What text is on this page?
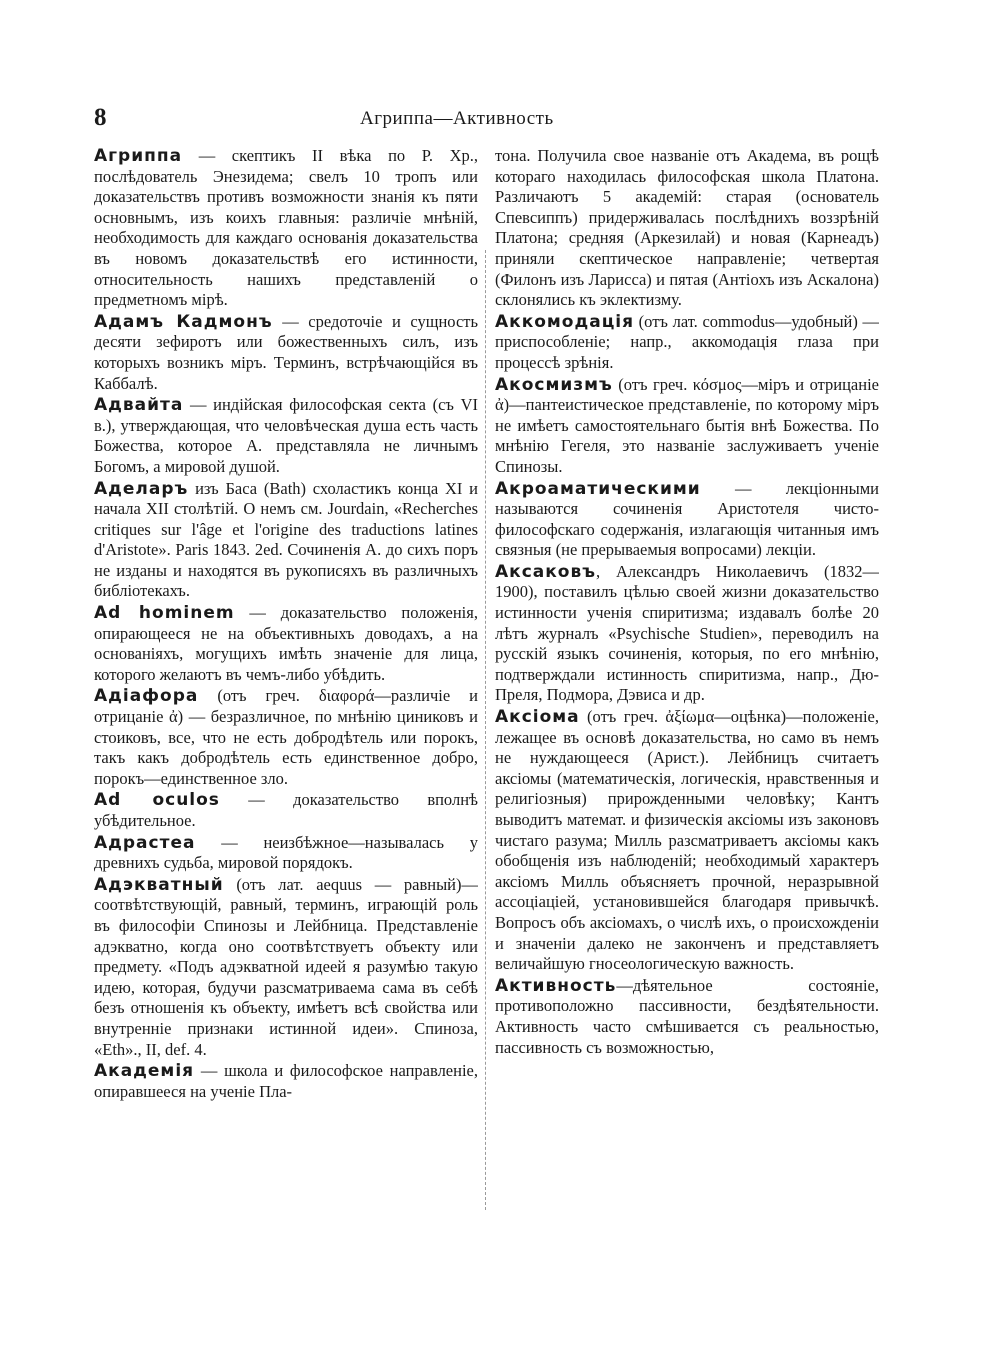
8	Агриппа—Активность

Агриппа — скептикъ II вѣка по Р. Хр., послѣдователь Энезидема; свелъ 10 тропъ или доказательствъ противъ возможности знанія къ пяти основнымъ, изъ коихъ главныя: различіе мнѣній, необходимость для каждаго основанія доказательства въ новомъ доказательствѣ его истинности, относительность нашихъ представленій о предметномъ мірѣ.

Адамъ Кадмонъ — средоточіе и сущность десяти зефиротъ или божественныхъ силъ, изъ которыхъ возникъ міръ. Терминъ, встрѣчающійся въ Каббалѣ.

Адвайта — индійская философская секта (съ VI в.), утверждающая, что человѣческая душа есть часть Божества, которое А. представляла не личнымъ Богомъ, а мировой душой.

Аделаръ изъ Баса (Bath) схоластикъ конца XI и начала XII столѣтій. О немъ см. Jourdain, «Recherches critiques sur l'âge et l'origine des traductions latines d'Aristote». Paris 1843. 2ed. Сочиненія А. до сихъ поръ не изданы и находятся въ рукописяхъ въ различныхъ библіотекахъ.

Ad hominem — доказательство положенія, опирающееся не на объективныхъ доводахъ, а на основаніяхъ, могущихъ имѣть значеніе для лица, которого желаютъ въ чемъ-либо убѣдить.

Адіафора (отъ греч. διαφορά—различіе и отрицаніе ἀ) — безразличное, по мнѣнію циниковъ и стоиковъ, все, что не есть добродѣтель или порокъ, такъ какъ добродѣтель есть единственное добро, порокъ—единственное зло.

Ad oculos — доказательство вполнѣ убѣдительное.

Адрастеа — неизбѣжное—называлась у древнихъ судьба, мировой порядокъ.

Адэкватный (отъ лат. aequus — равный)—соотвѣтствующій, равный, терминъ, играющій роль въ философіи Спинозы и Лейбница. Представленіе адэкватно, когда оно соотвѣтствуетъ объекту или предмету. «Подъ адэкватной идеей я разумѣю такую идею, которая, будучи разсматриваема сама въ себѣ безъ отношенія къ объекту, имѣетъ всѣ свойства или внутренніе признаки истинной идеи». Спиноза, «Eth»., II, def. 4.

Академія — школа и философское направленіе, опиравшееся на ученіе Пла-

тона. Получила свое названіе отъ Академа, въ рощѣ котораго находилась философская школа Платона. Различаютъ 5 академій: старая (основатель Спевсиппъ) придерживалась послѣднихъ воззрѣній Платона; средняя (Аркезилай) и новая (Карнеадъ) приняли скептическое направленіе; четвертая (Филонъ изъ Ларисса) и пятая (Антіохъ изъ Аскалона) склонялись къ эклектизму.

Аккомодація (отъ лат. commodus—удобный) — приспособленіе; напр., аккомодація глаза при процессѣ зрѣнія.

Акосмизмъ (отъ греч. κόσμος—міръ и отрицаніе ἀ)—пантеистическое представленіе, по которому міръ не имѣетъ самостоятельнаго бытія внѣ Божества. По мнѣнію Гегеля, это названіе заслуживаетъ ученіе Спинозы.

Акроаматическими — лекціонными называются сочиненія Аристотеля чисто-философскаго содержанія, излагающія читанныя имъ связныя (не прерываемыя вопросами) лекціи.

Аксаковъ, Александръ Николаевичъ (1832—1900), поставилъ цѣлью своей жизни доказательство истинности ученія спиритизма; издавалъ болѣе 20 лѣтъ журналъ «Psychische Studien», переводилъ на русскій языкъ сочиненія, которыя, по его мнѣнію, подтверждали истинность спиритизма, напр., Дю-Преля, Подмора, Дэвиса и др.

Аксіома (отъ греч. ἀξίωμα—оцѣнка)—положеніе, лежащее въ основѣ доказательства, но само въ немъ не нуждающееся (Арист.). Лейбницъ считаетъ аксіомы (математическія, логическія, нравственныя и религіозныя) прирожденными человѣку; Кантъ выводитъ математ. и физическія аксіомы изъ законовъ чистаго разума; Милль разсматриваетъ аксіомы какъ обобщенія изъ наблюденій; необходимый характеръ аксіомъ Милль объясняетъ прочной, неразрывной ассоціаціей, установившейся благодаря привычкѣ. Вопросъ объ аксіомахъ, о числѣ ихъ, о происхожденіи и значеніи далеко не законченъ и представляетъ величайшую гносеологическую важность.

Активность—дѣятельное состояніе, противоположно пассивности, бездѣятельности. Активность часто смѣшивается съ реальностью, пассивность съ возможностью,
